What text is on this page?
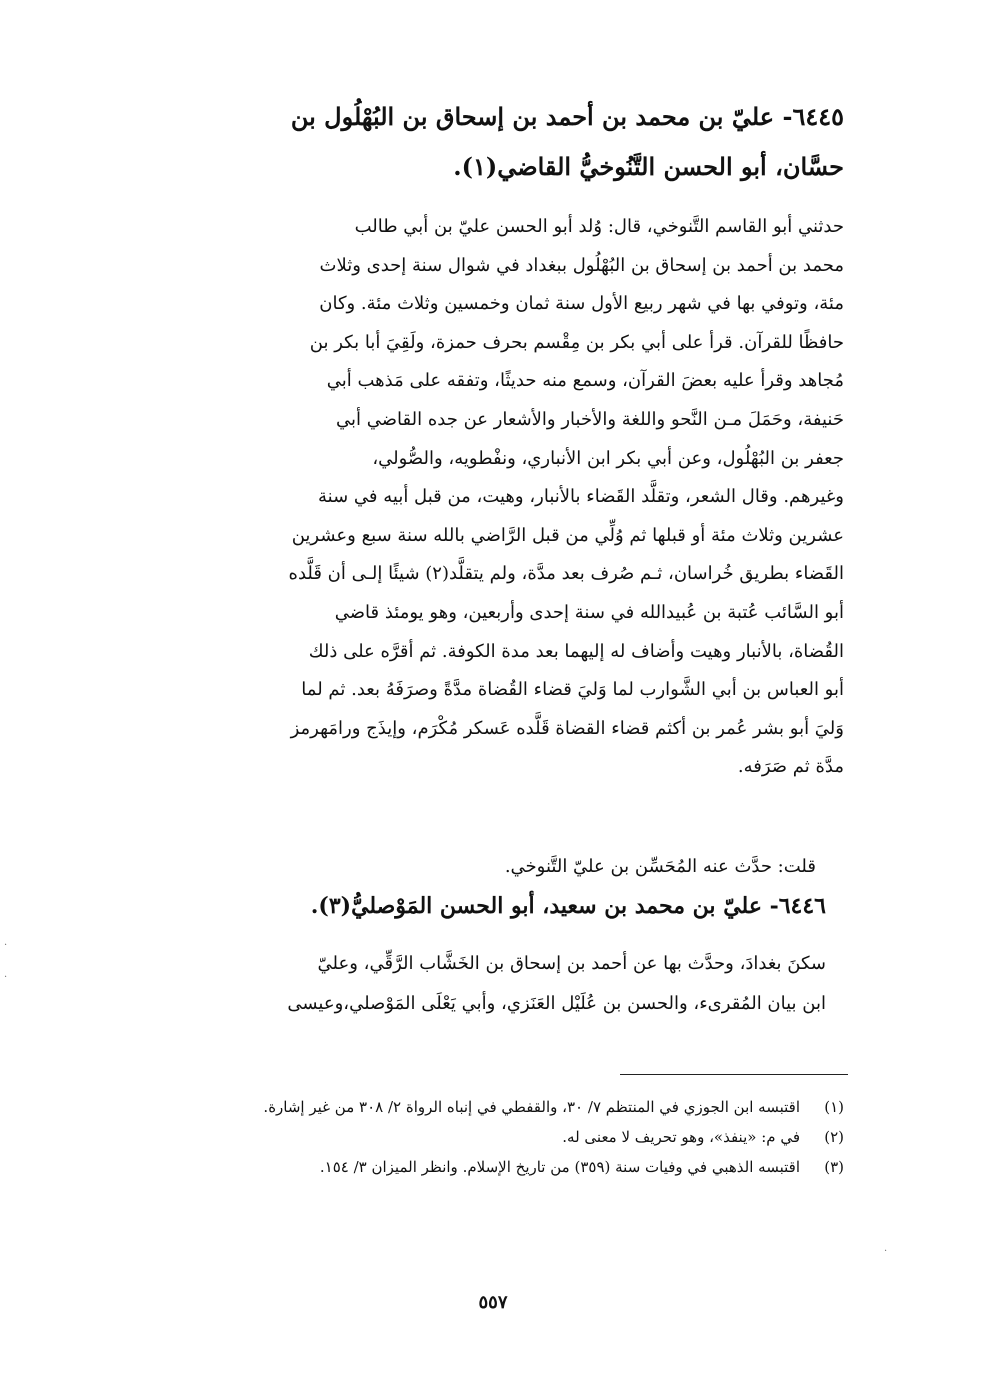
٦٤٤٥- عليّ بن محمد بن أحمد بن إسحاق بن البُهْلُول بن
حسَّان، أبو الحسن التَّنُوخيُّ القاضي(١).
حدثني أبو القاسم التَّنوخي، قال: وُلد أبو الحسن عليّ بن أبي طالب
محمد بن أحمد بن إسحاق بن البُهْلُول ببغداد في شوال سنة إحدى وثلاث
مئة، وتوفي بها في شهر ربيع الأول سنة ثمان وخمسين وثلاث مئة. وكان
حافظًا للقرآن. قرأ على أبي بكر بن مِقْسم بحرف حمزة، ولَقِيَ أبا بكر بن
مُجاهد وقرأ عليه بعضَ القرآن، وسمع منه حديثًا، وتفقه على مَذهب أبي
حَنيفة، وحَمَلَ مـن النَّحو واللغة والأخبار والأشعار عن جده القاضي أبي
جعفر بن البُهْلُول، وعن أبي بكر ابن الأنباري، ونفْطويه، والصُّولي،
وغيرهم. وقال الشعر، وتقلَّد القَضاء بالأنبار، وهيت، من قبل أبيه في سنة
عشرين وثلاث مئة أو قبلها ثم وُلِّي من قبل الرَّاضي بالله سنة سبع وعشرين
القَضاء بطريق خُراسان، ثـم صُرف بعد مدَّة، ولم يتقلَّد(٢) شيئًا إلـى أن قَلَّده
أبو السَّائب عُتبة بن عُبيدالله في سنة إحدى وأربعين، وهو يومئذ قاضي
القُضاة، بالأنبار وهيت وأضاف له إليهما بعد مدة الكوفة. ثم أقرَّه على ذلك
أبو العباس بن أبي الشَّوارب لما وَليَ قضاء القُضاة مدَّةً وصرَفَهُ بعد. ثم لما
وَليَ أبو بشر عُمر بن أكثم قضاء القضاة قَلَّده عَسكر مُكْرَم، وإيذَج ورامَهرمز
مدَّة ثم صَرَفه.
قلت: حدَّث عنه المُحَسِّن بن عليّ التَّنوخي.
٦٤٤٦- عليّ بن محمد بن سعيد، أبو الحسن المَوْصليُّ(٣).
سكنَ بغدادَ، وحدَّث بها عن أحمد بن إسحاق بن الخَشَّاب الرَّقِّي، وعليّ
ابن بيان المُقرىء، والحسن بن عُلَيْل العَنَزي، وأبي يَعْلَى المَوْصلي،وعيسى
(١)
اقتبسه ابن الجوزي في المنتظم ٧/ ٣٠، والقفطي في إنباه الرواة ٢/ ٣٠٨ من غير إشارة.
(٢)
في م: «ينفذ»، وهو تحريف لا معنى له.
(٣)
اقتبسه الذهبي في وفيات سنة (٣٥٩) من تاريخ الإسلام. وانظر الميزان ٣/ ١٥٤.
٥٥٧
·
·
·
